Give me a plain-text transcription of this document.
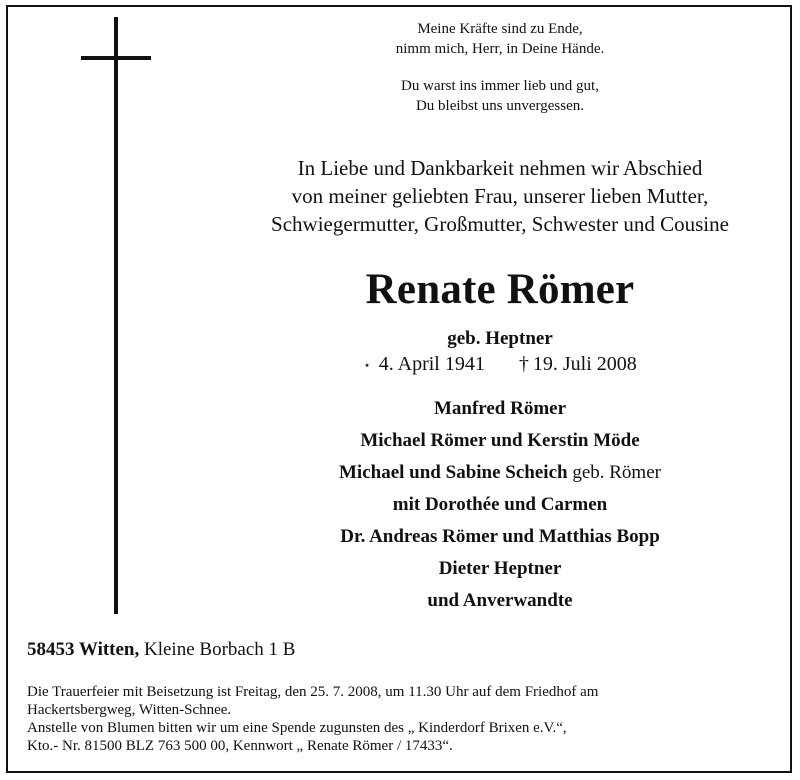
Meine Kräfte sind zu Ende,
nimm mich, Herr, in Deine Hände.
Du warst ins immer lieb und gut,
Du bleibst uns unvergessen.
In Liebe und Dankbarkeit nehmen wir Abschied
von meiner geliebten Frau, unserer lieben Mutter,
Schwiegermutter, Großmutter, Schwester und Cousine
Renate Römer
geb. Heptner
⋆ 4. April 1941 † 19. Juli 2008
Manfred Römer
Michael Römer und Kerstin Möde
Michael und Sabine Scheich geb. Römer
mit Dorothée und Carmen
Dr. Andreas Römer und Matthias Bopp
Dieter Heptner
und Anverwandte
58453 Witten, Kleine Borbach 1 B
Die Trauerfeier mit Beisetzung ist Freitag, den 25. 7. 2008, um 11.30 Uhr auf dem Friedhof am
Hackertsbergweg, Witten-Schnee.
Anstelle von Blumen bitten wir um eine Spende zugunsten des „ Kinderdorf Brixen e.V.“,
Kto.- Nr. 81500 BLZ 763 500 00, Kennwort „ Renate Römer / 17433“.
